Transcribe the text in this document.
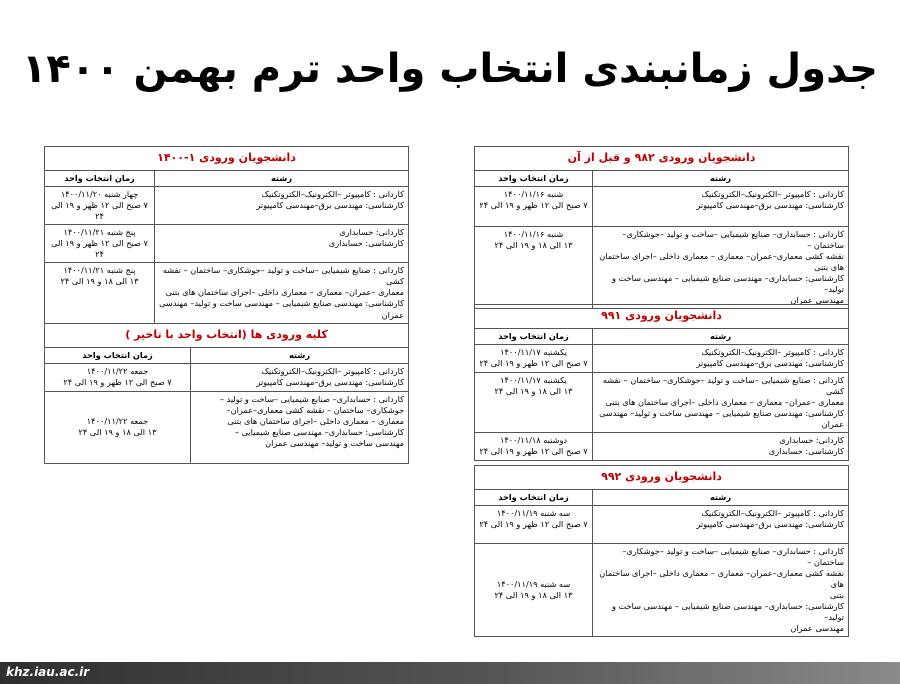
جدول زمانبندی انتخاب واحد ترم بهمن ۱۴۰۰
دانشجویان ورودی ۹۸۲ و قبل از آن	
رشته	زمان انتخاب واحد

کاردانی : کامپیوتر –الکترونیک–الکتروتکنیک
کارشناسی: مهندسی برق–مهندسی کامپیوتر	شنبه ۱۴۰۰/۱۱/۱۶
۷ صبح الی ۱۲ ظهر و ۱۹ الی ۲۴

کاردانی : حسابداری– صنایع شیمیایی –ساخت و تولید –جوشکاری– ساختمان –
نقشه کشی معماری–عمران– معماری – معماری داخلی –اجرای ساختمان های بتنی
کارشناسی: حسابداری– مهندسی صنایع شیمیایی – مهندسی ساخت و تولید–
مهندسی عمران	شنبه ۱۴۰۰/۱۱/۱۶
۱۳ الی ۱۸ و ۱۹ الی ۲۴
دانشجویان ورودی ۱-۱۴۰۰	
رشته	زمان انتخاب واحد

کاردانی : کامپیوتر –الکترونیک–الکتروتکنیک
کارشناسی: مهندسی برق–مهندسی کامپیوتر	چهار شنبه ۱۴۰۰/۱۱/۲۰
۷ صبح الی ۱۲ ظهر و ۱۹ الی ۲۴

کاردانی: حسابداری
کارشناسی: حسابداری	پنج شنبه ۱۴۰۰/۱۱/۲۱
۷ صبح الی ۱۲ ظهر و ۱۹ الی ۲۴

کاردانی : صنایع شیمیایی –ساخت و تولید –جوشکاری– ساختمان – نقشه کشی
معماری –عمران– معماری – معماری داخلی –اجرای ساختمان های بتنی
کارشناسی: مهندسی صنایع شیمیایی – مهندسی ساخت و تولید– مهندسی
عمران	پنج شنبه ۱۴۰۰/۱۱/۲۱
۱۳ الی ۱۸ و ۱۹ الی ۲۴
دانشجویان ورودی ۹۹۱	
رشته	زمان انتخاب واحد

کاردانی : کامپیوتر –الکترونیک–الکتروتکنیک
کارشناسی: مهندسی برق–مهندسی کامپیوتر	یکشنبه ۱۴۰۰/۱۱/۱۷
۷ صبح الی ۱۲ ظهر و ۱۹ الی ۲۴

کاردانی : صنایع شیمیایی –ساخت و تولید –جوشکاری– ساختمان – نقشه کشی
معماری –عمران– معماری – معماری داخلی –اجرای ساختمان های بتنی
کارشناسی: مهندسی صنایع شیمیایی – مهندسی ساخت و تولید– مهندسی عمران	یکشنبه ۱۴۰۰/۱۱/۱۷
۱۳ الی ۱۸ و ۱۹ الی ۲۴

کاردانی: حسابداری
کارشناسی: حسابداری	دوشنبه ۱۴۰۰/۱۱/۱۸
۷ صبح الی ۱۲ ظهر و ۱۹ الی ۲۴
کلیه ورودی ها (انتخاب واحد با تاخیر )	
رشته	زمان انتخاب واحد

کاردانی : کامپیوتر –الکترونیک–الکتروتکنیک
کارشناسی: مهندسی برق–مهندسی کامپیوتر	جمعه ۱۴۰۰/۱۱/۲۲
۷ صبح الی ۱۲ ظهر و ۱۹ الی ۲۴

کاردانی : حسابداری– صنایع شیمیایی –ساخت و تولید –
جوشکاری– ساختمان – نقشه کشی معماری–عمران–
معماری – معماری داخلی –اجرای ساختمان های بتنی
کارشناسی: حسابداری– مهندسی صنایع شیمیایی –
مهندسی ساخت و تولید– مهندسی عمران	جمعه ۱۴۰۰/۱۱/۲۲
۱۳ الی ۱۸ و ۱۹ الی ۲۴
دانشجویان ورودی ۹۹۲	
رشته	زمان انتخاب واحد

کاردانی : کامپیوتر –الکترونیک–الکتروتکنیک
کارشناسی: مهندسی برق–مهندسی کامپیوتر	سه شنبه ۱۴۰۰/۱۱/۱۹
۷ صبح الی ۱۲ ظهر و ۱۹ الی ۲۴

کاردانی : حسابداری– صنایع شیمیایی –ساخت و تولید –جوشکاری– ساختمان –
نقشه کشی معماری–عمران– معماری – معماری داخلی –اجرای ساختمان های
بتنی
کارشناسی: حسابداری– مهندسی صنایع شیمیایی – مهندسی ساخت و تولید–
مهندسی عمران	سه شنبه ۱۴۰۰/۱۱/۱۹
۱۳ الی ۱۸ و ۱۹ الی ۲۴
khz.iau.ac.ir
